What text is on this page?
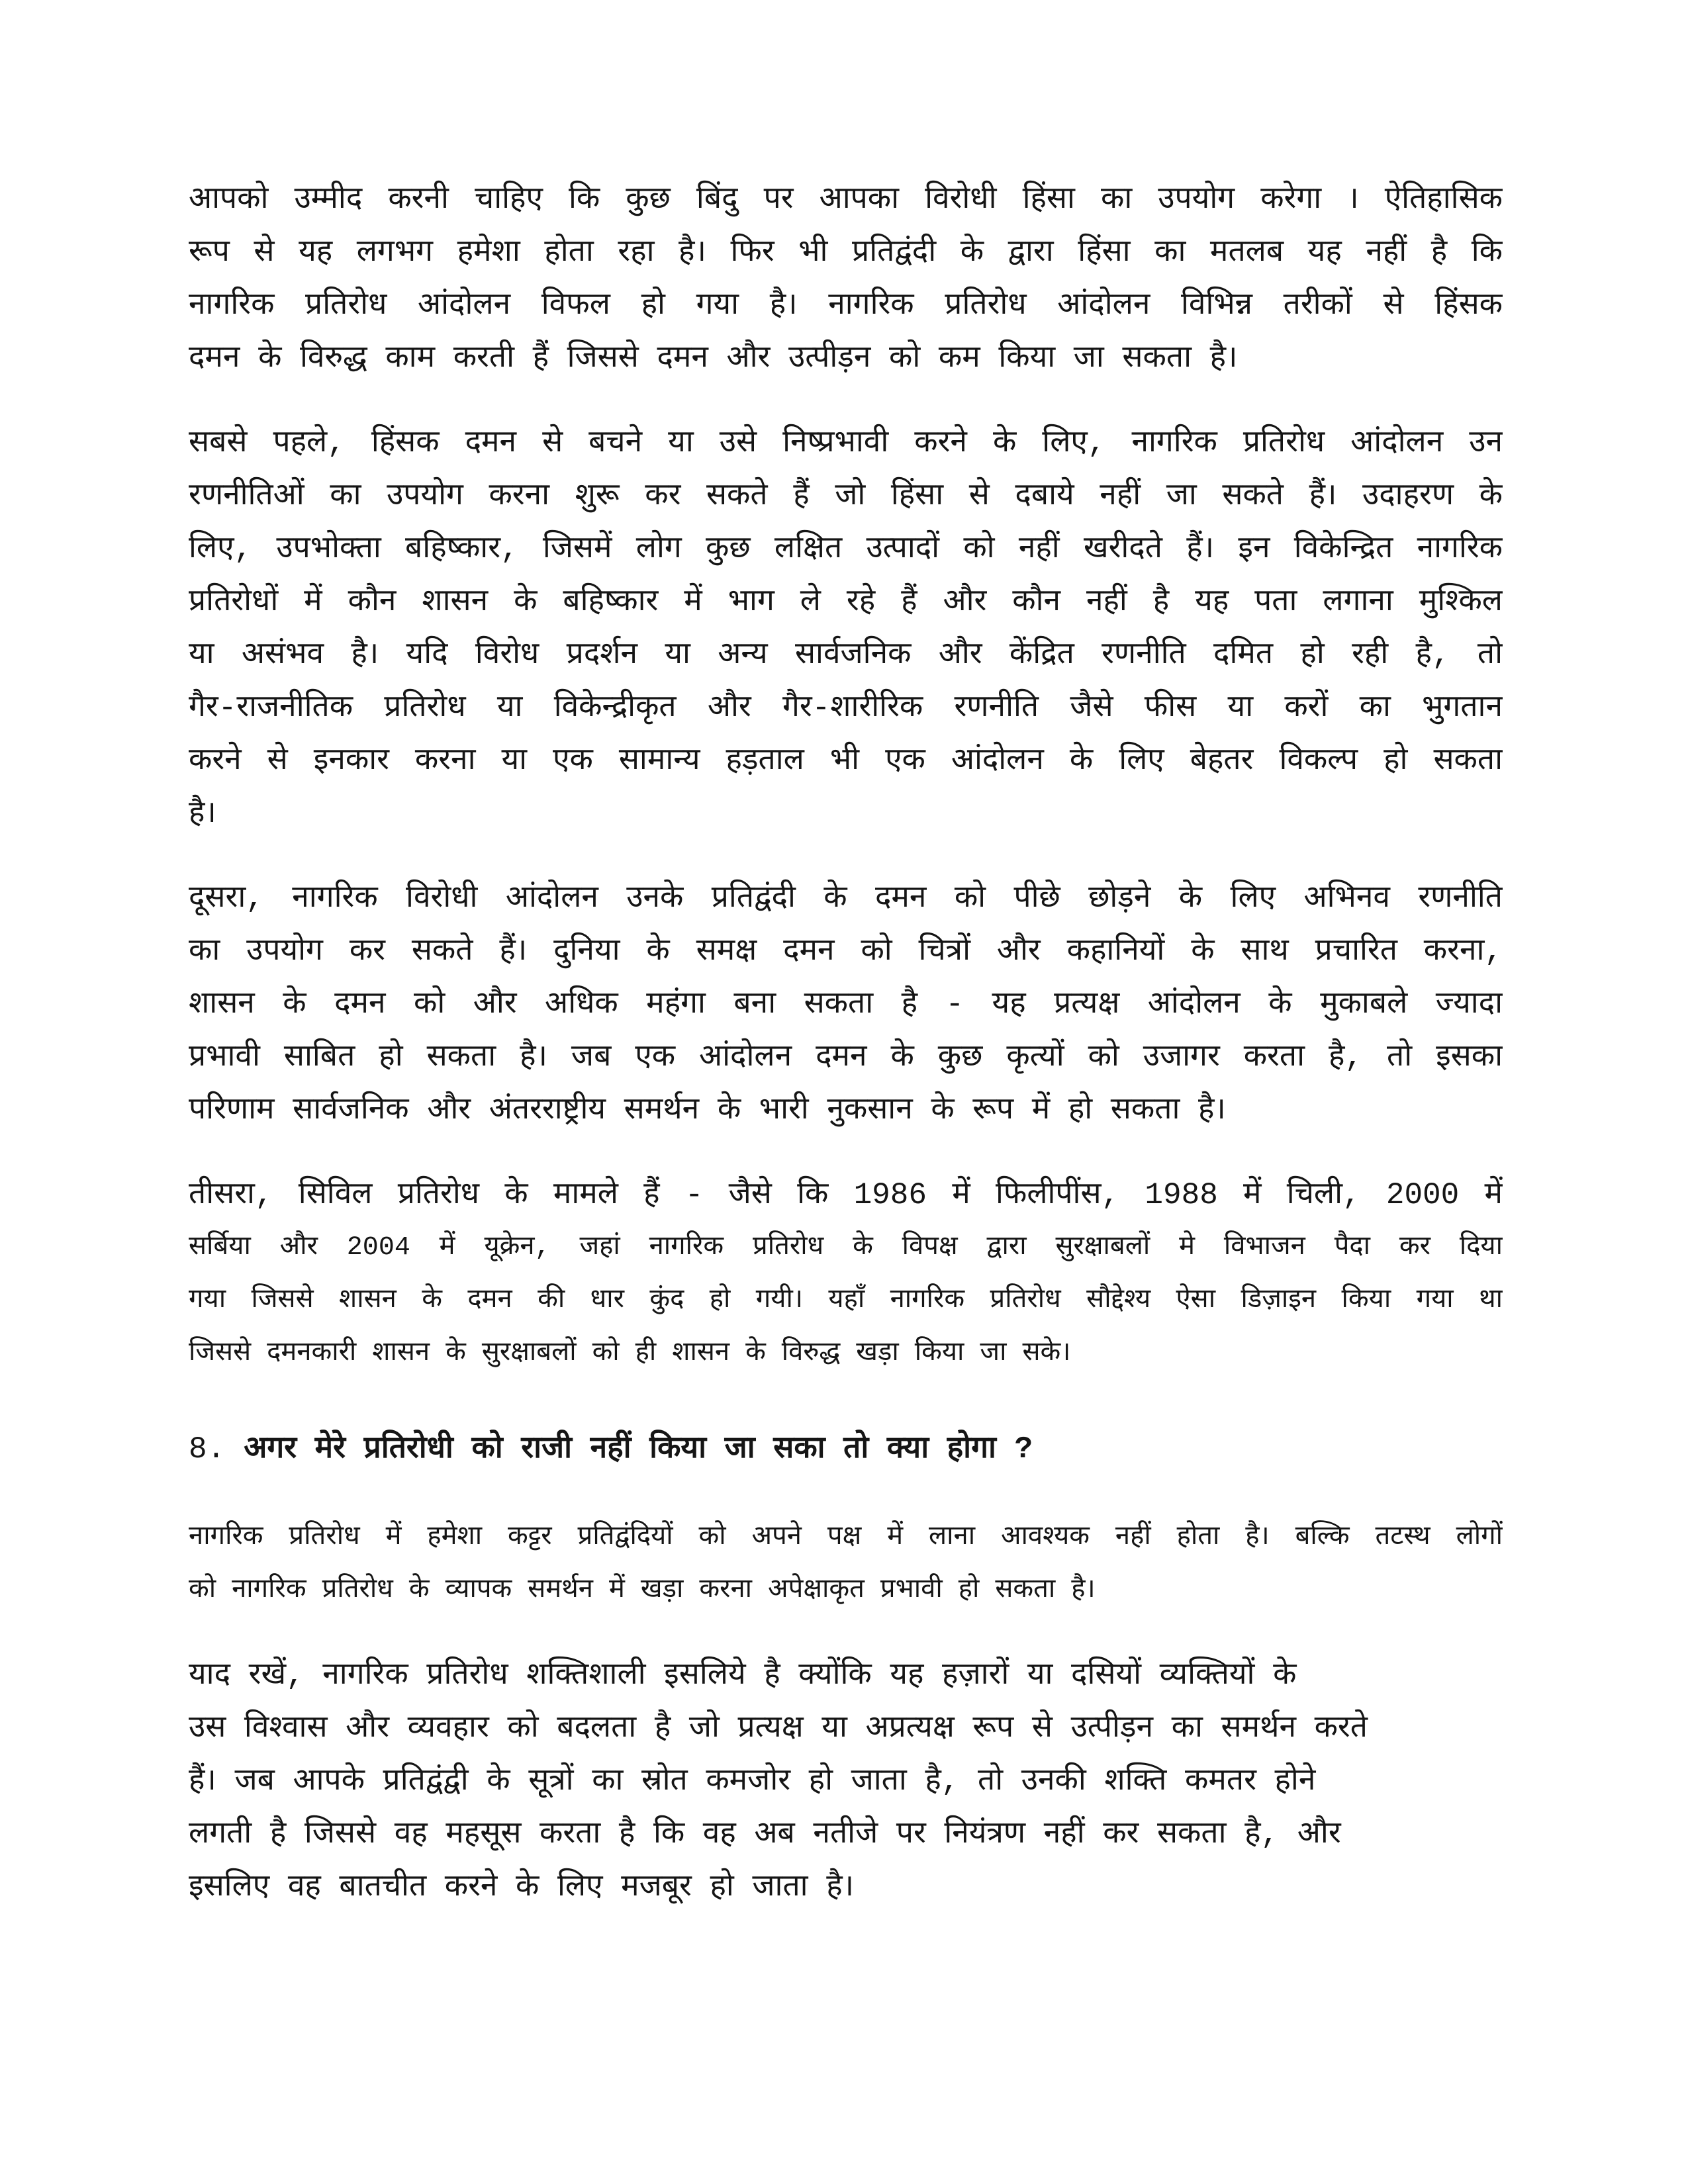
आपको उम्मीद करनी चाहिए कि कुछ बिंदु पर आपका विरोधी हिंसा का उपयोग करेगा । ऐतिहासिक
रूप से यह लगभग हमेशा होता रहा है। फिर भी प्रतिद्वंदी के द्वारा हिंसा का मतलब यह नहीं है कि
नागरिक प्रतिरोध आंदोलन विफल हो गया है। नागरिक प्रतिरोध आंदोलन विभिन्न तरीकों से हिंसक
दमन के विरुद्ध काम करती हैं जिससे दमन और उत्पीड़न को कम किया जा सकता है।
सबसे पहले, हिंसक दमन से बचने या उसे निष्प्रभावी करने के लिए, नागरिक प्रतिरोध आंदोलन उन
रणनीतिओं का उपयोग करना शुरू कर सकते हैं जो हिंसा से दबाये नहीं जा सकते हैं। उदाहरण के
लिए, उपभोक्ता बहिष्कार, जिसमें लोग कुछ लक्षित उत्पादों को नहीं खरीदते हैं। इन विकेन्द्रित नागरिक
प्रतिरोधों में कौन शासन के बहिष्कार में भाग ले रहे हैं और कौन नहीं है यह पता लगाना मुश्किल
या असंभव है। यदि विरोध प्रदर्शन या अन्य सार्वजनिक और केंद्रित रणनीति दमित हो रही है, तो
गैर-राजनीतिक प्रतिरोध या विकेन्द्रीकृत और गैर-शारीरिक रणनीति जैसे फीस या करों का भुगतान
करने से इनकार करना या एक सामान्य हड़ताल भी एक आंदोलन के लिए बेहतर विकल्प हो सकता
है।
दूसरा, नागरिक विरोधी आंदोलन उनके प्रतिद्वंदी के दमन को पीछे छोड़ने के लिए अभिनव रणनीति
का उपयोग कर सकते हैं। दुनिया के समक्ष दमन को चित्रों और कहानियों के साथ प्रचारित करना,
शासन के दमन को और अधिक महंगा बना सकता है - यह प्रत्यक्ष आंदोलन के मुकाबले ज्यादा
प्रभावी साबित हो सकता है। जब एक आंदोलन दमन के कुछ कृत्यों को उजागर करता है, तो इसका
परिणाम सार्वजनिक और अंतरराष्ट्रीय समर्थन के भारी नुकसान के रूप में हो सकता है।
तीसरा, सिविल प्रतिरोध के मामले हैं - जैसे कि 1986 में फिलीपींस, 1988 में चिली, 2000 में
सर्बिया और 2004 में यूक्रेन, जहां नागरिक प्रतिरोध के विपक्ष द्वारा सुरक्षाबलों मे विभाजन पैदा कर दिया
गया जिससे शासन के दमन की धार कुंद हो गयी। यहाँ नागरिक प्रतिरोध सौद्देश्य ऐसा डिज़ाइन किया गया था
जिससे दमनकारी शासन के सुरक्षाबलों को ही शासन के विरुद्ध खड़ा किया जा सके।
8. अगर मेरे प्रतिरोधी को राजी नहीं किया जा सका तो क्या होगा ?
नागरिक प्रतिरोध में हमेशा कट्टर प्रतिद्वंदियों को अपने पक्ष में लाना आवश्यक नहीं होता है। बल्कि तटस्थ लोगों
को नागरिक प्रतिरोध के व्यापक समर्थन में खड़ा करना अपेक्षाकृत प्रभावी हो सकता है।
याद रखें, नागरिक प्रतिरोध शक्तिशाली इसलिये है क्योंकि यह हज़ारों या दसियों व्यक्तियों के
उस विश्वास और व्यवहार को बदलता है जो प्रत्यक्ष या अप्रत्यक्ष रूप से उत्पीड़न का समर्थन करते
हैं। जब आपके प्रतिद्वंद्वी के सूत्रों का स्रोत कमजोर हो जाता है, तो उनकी शक्ति कमतर होने
लगती है जिससे वह महसूस करता है कि वह अब नतीजे पर नियंत्रण नहीं कर सकता है, और
इसलिए वह बातचीत करने के लिए मजबूर हो जाता है।
